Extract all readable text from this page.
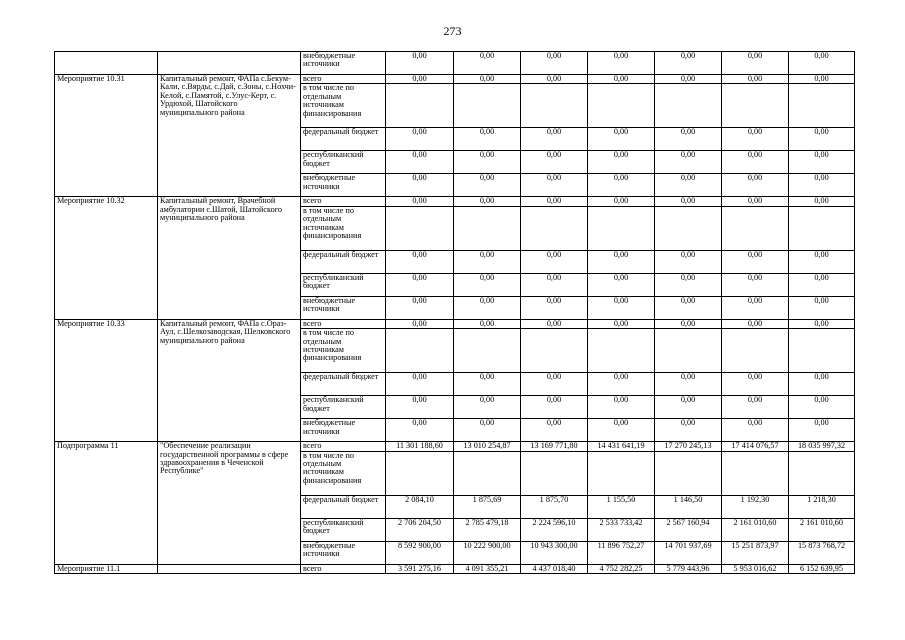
273
		внебюджетные источники	0,00	0,00	0,00	0,00	0,00	0,00	0,00
Мероприятие 10.31	Капитальный ремонт, ФАПа с.Бекум-Кали, с.Вярды, с.Дай, с.Зоны, с.Нохчи-Келой, с.Памятой, с.Улус-Керт, с. Урдюхой, Шатойского муниципального района	всего	0,00	0,00	0,00	0,00	0,00	0,00	0,00
		в том числе по отдельным источникам финансирования							
		федеральный бюджет	0,00	0,00	0,00	0,00	0,00	0,00	0,00
		республиканский бюджет	0,00	0,00	0,00	0,00	0,00	0,00	0,00
		внебюджетные источники	0,00	0,00	0,00	0,00	0,00	0,00	0,00
Мероприятие 10.32	Капитальный ремонт, Врачебной амбулатории с.Шатой, Шатойского муниципального района	всего	0,00	0,00	0,00	0,00	0,00	0,00	0,00
		в том числе по отдельным источникам финансирования							
		федеральный бюджет	0,00	0,00	0,00	0,00	0,00	0,00	0,00
		республиканский бюджет	0,00	0,00	0,00	0,00	0,00	0,00	0,00
		внебюджетные источники	0,00	0,00	0,00	0,00	0,00	0,00	0,00
Мероприятие 10.33	Капитальный ремонт, ФАПа с.Ораз-Аул, с.Шелкозаводская, Шелковского муниципального района	всего	0,00	0,00	0,00	0,00	0,00	0,00	0,00
		в том числе по отдельным источникам финансирования							
		федеральный бюджет	0,00	0,00	0,00	0,00	0,00	0,00	0,00
		республиканский бюджет	0,00	0,00	0,00	0,00	0,00	0,00	0,00
		внебюджетные источники	0,00	0,00	0,00	0,00	0,00	0,00	0,00
Подпрограмма 11	"Обеспечение реализации государственной программы в сфере здравоохранения в Чеченской Республике"	всего	11 301 188,60	13 010 254,87	13 169 771,80	14 431 641,19	17 270 245,13	17 414 076,57	18 035 997,32
		в том числе по отдельным источникам финансирования							
		федеральный бюджет	2 084,10	1 875,69	1 875,70	1 155,50	1 146,50	1 192,30	1 218,30
		республиканский бюджет	2 706 204,50	2 785 479,18	2 224 596,10	2 533 733,42	2 567 160,94	2 161 010,60	2 161 010,60
		внебюджетные источники	8 592 900,00	10 222 900,00	10 943 300,00	11 896 752,27	14 701 937,69	15 251 873,97	15 873 768,72
Мероприятие 11.1		всего	3 591 275,16	4 091 355,21	4 437 018,40	4 752 282,25	5 779 443,96	5 953 016,62	6 152 639,95
